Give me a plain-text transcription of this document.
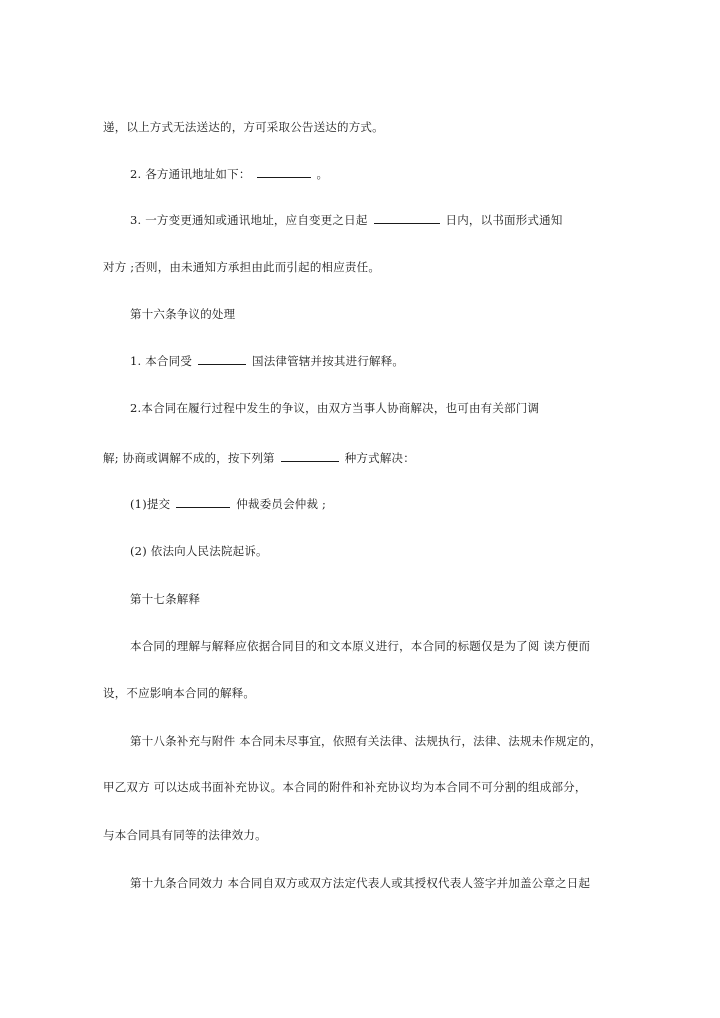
递，以上方式无法送达的，方可采取公告送达的方式。
2. 各方通讯地址如下：	。
3. 一方变更通知或通讯地址，应自变更之日起	日内，以书面形式通知
对方 ;否则，由未通知方承担由此而引起的相应责任。
第十六条争议的处理
1. 本合同受	国法律管辖并按其进行解释。
2.本合同在履行过程中发生的争议，由双方当事人协商解决，也可由有关部门调
解; 协商或调解不成的，按下列第	种方式解决：
(1)提交	仲裁委员会仲裁 ;
(2) 依法向人民法院起诉。
第十七条解释
本合同的理解与解释应依据合同目的和文本原义进行，本合同的标题仅是为了阅 读方便而
设，不应影响本合同的解释。
第十八条补充与附件 本合同未尽事宜，依照有关法律、法规执行，法律、法规未作规定的，
甲乙双方 可以达成书面补充协议。本合同的附件和补充协议均为本合同不可分割的组成部分，
与本合同具有同等的法律效力。
第十九条合同效力 本合同自双方或双方法定代表人或其授权代表人签字并加盖公章之日起
